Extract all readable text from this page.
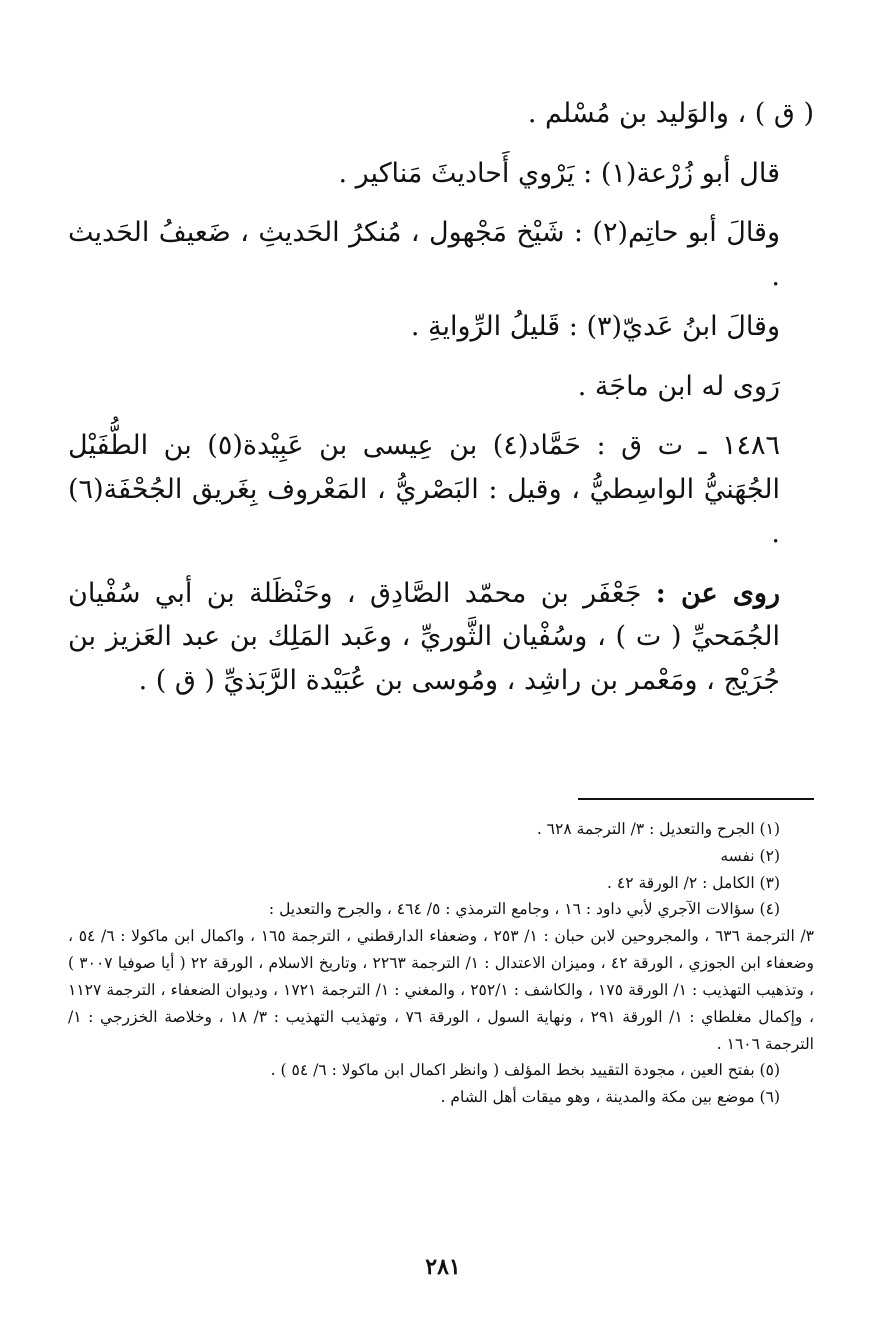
( ق ) ، والوَليد بن مُسْلم .

قال أبو زُرْعة(١) : يَرْوي أَحاديثَ مَناكير .

وقالَ أبو حاتِم(٢) : شَيْخ مَجْهول ، مُنكرُ الحَديثِ ، ضَعيفُ الحَديث .

وقالَ ابنُ عَديّ(٣) : قَليلُ الرِّوايةِ .

رَوى له ابن ماجَة .

١٤٨٦ ـ ت ق : حَمَّاد(٤) بن عِيسى بن عَبِيْدة(٥) بن الطُّفَيْل الجُهَنيُّ الواسِطيُّ ، وقيل : البَصْريُّ ، المَعْروف بِغَريق الجُحْفَة(٦) .

روى عن : جَعْفَر بن محمّد الصَّادِق ، وحَنْظَلة بن أبي سُفْيان الجُمَحيِّ ( ت ) ، وسُفْيان الثَّوريِّ ، وعَبد المَلِك بن عبد العَزيز بن جُرَيْج ، ومَعْمر بن راشِد ، ومُوسى بن عُبَيْدة الرَّبَذيِّ ( ق ) .

(١) الجرح والتعديل : ٣/ الترجمة ٦٢٨ .

(٢) نفسه

(٣) الكامل : ٢/ الورقة ٤٢ .

(٤) سؤالات الآجري لأبي داود : ١٦ ، وجامع الترمذي : ٥/ ٤٦٤ ، والجرح والتعديل :

٣/ الترجمة ٦٣٦ ، والمجروحين لابن حبان : ١/ ٢٥٣ ، وضعفاء الدارقطني ، الترجمة ١٦٥ ، واكمال ابن ماكولا : ٦/ ٥٤ ، وضعفاء ابن الجوزي ، الورقة ٤٢ ، وميزان الاعتدال : ١/ الترجمة ٢٢٦٣ ، وتاريخ الاسلام ، الورقة ٢٢ ( أيا صوفيا ٣٠٠٧ ) ، وتذهيب التهذيب : ١/ الورقة ١٧٥ ، والكاشف : ٢٥٢/١ ، والمغني : ١/ الترجمة ١٧٢١ ، وديوان الضعفاء ، الترجمة ١١٢٧ ، وإكمال مغلطاي : ١/ الورقة ٢٩١ ، ونهاية السول ، الورقة ٧٦ ، وتهذيب التهذيب : ٣/ ١٨ ، وخلاصة الخزرجي : ١/ الترجمة ١٦٠٦ .

(٥) بفتح العين ، مجودة التقييد بخط المؤلف ( وانظر اكمال ابن ماكولا : ٦/ ٥٤ ) .

(٦) موضع بين مكة والمدينة ، وهو ميقات أهل الشام .

٢٨١
